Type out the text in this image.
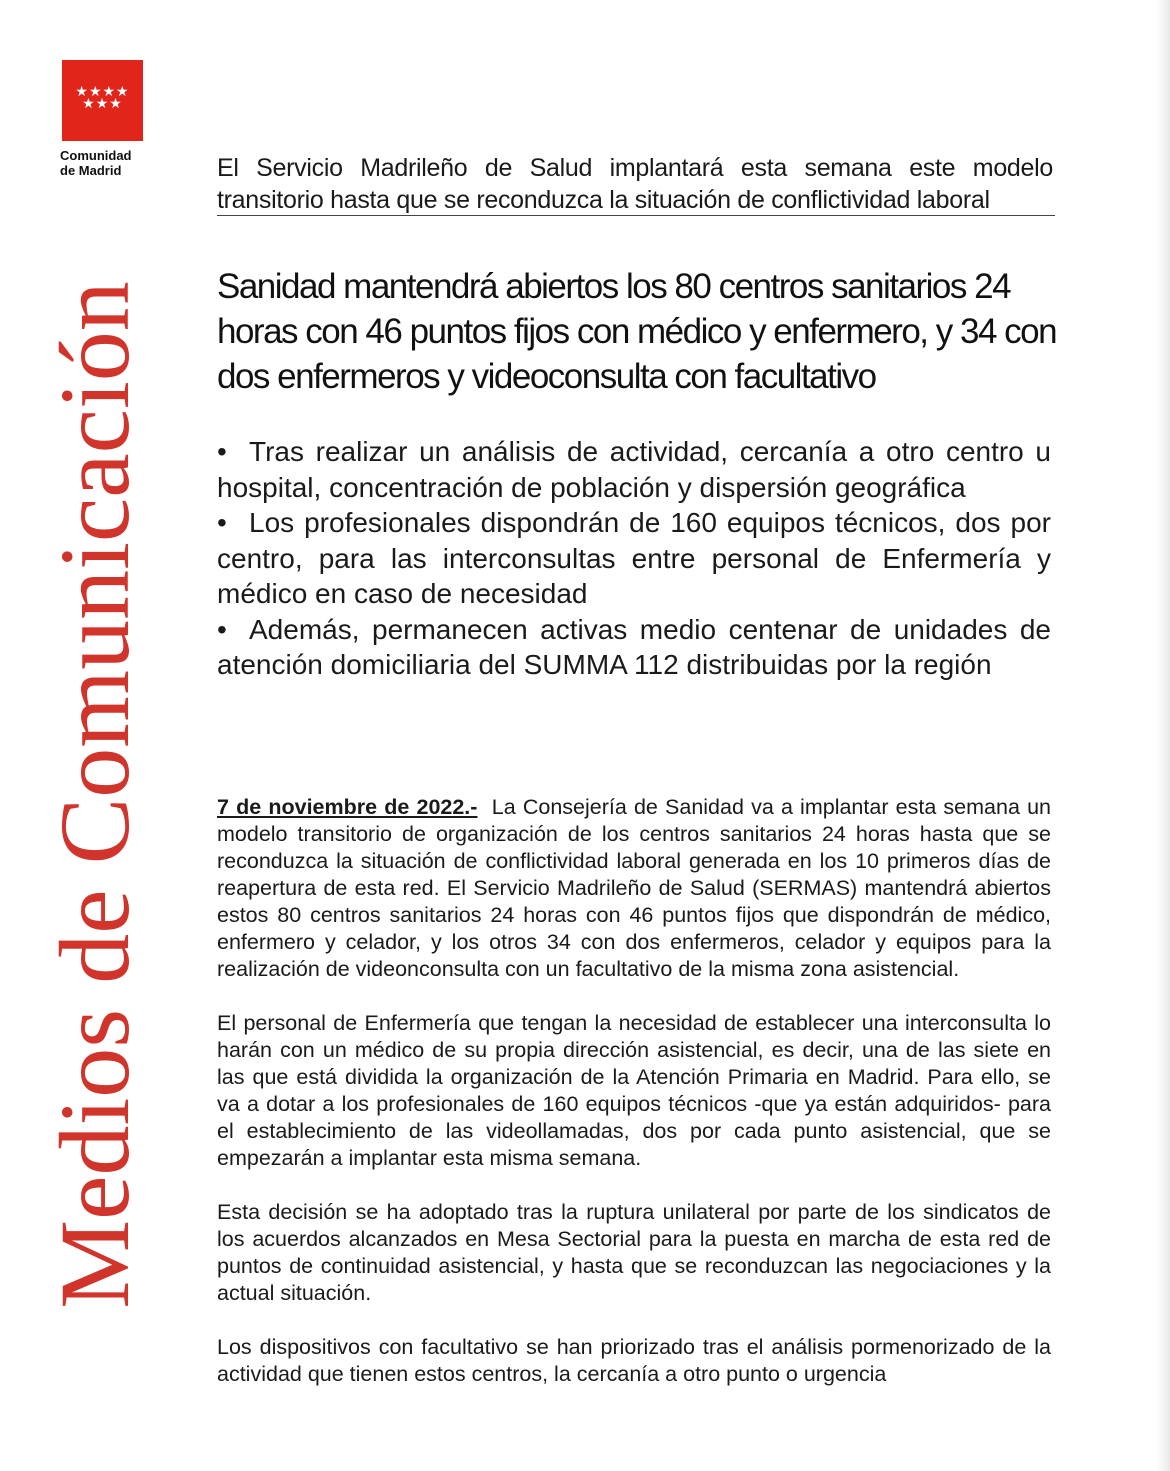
★★★★
★★★
Comunidad
de Madrid
Medios de Comunicación
El Servicio Madrileño de Salud implantará esta semana este modelo transitorio hasta que se reconduzca la situación de conflictividad laboral
Sanidad mantendrá abiertos los 80 centros sanitarios 24 horas con 46 puntos fijos con médico y enfermero, y 34 con dos enfermeros y videoconsulta con facultativo
• Tras realizar un análisis de actividad, cercanía a otro centro u hospital, concentración de población y dispersión geográfica
• Los profesionales dispondrán de 160 equipos técnicos, dos por centro, para las interconsultas entre personal de Enfermería y médico en caso de necesidad
• Además, permanecen activas medio centenar de unidades de atención domiciliaria del SUMMA 112 distribuidas por la región

7 de noviembre de 2022.- La Consejería de Sanidad va a implantar esta semana un modelo transitorio de organización de los centros sanitarios 24 horas hasta que se reconduzca la situación de conflictividad laboral generada en los 10 primeros días de reapertura de esta red. El Servicio Madrileño de Salud (SERMAS) mantendrá abiertos estos 80 centros sanitarios 24 horas con 46 puntos fijos que dispondrán de médico, enfermero y celador, y los otros 34 con dos enfermeros, celador y equipos para la realización de videonconsulta con un facultativo de la misma zona asistencial.

El personal de Enfermería que tengan la necesidad de establecer una interconsulta lo harán con un médico de su propia dirección asistencial, es decir, una de las siete en las que está dividida la organización de la Atención Primaria en Madrid. Para ello, se va a dotar a los profesionales de 160 equipos técnicos -que ya están adquiridos- para el establecimiento de las videollamadas, dos por cada punto asistencial, que se empezarán a implantar esta misma semana.

Esta decisión se ha adoptado tras la ruptura unilateral por parte de los sindicatos de los acuerdos alcanzados en Mesa Sectorial para la puesta en marcha de esta red de puntos de continuidad asistencial, y hasta que se reconduzcan las negociaciones y la actual situación.

Los dispositivos con facultativo se han priorizado tras el análisis pormenorizado de la actividad que tienen estos centros, la cercanía a otro punto o urgencia
